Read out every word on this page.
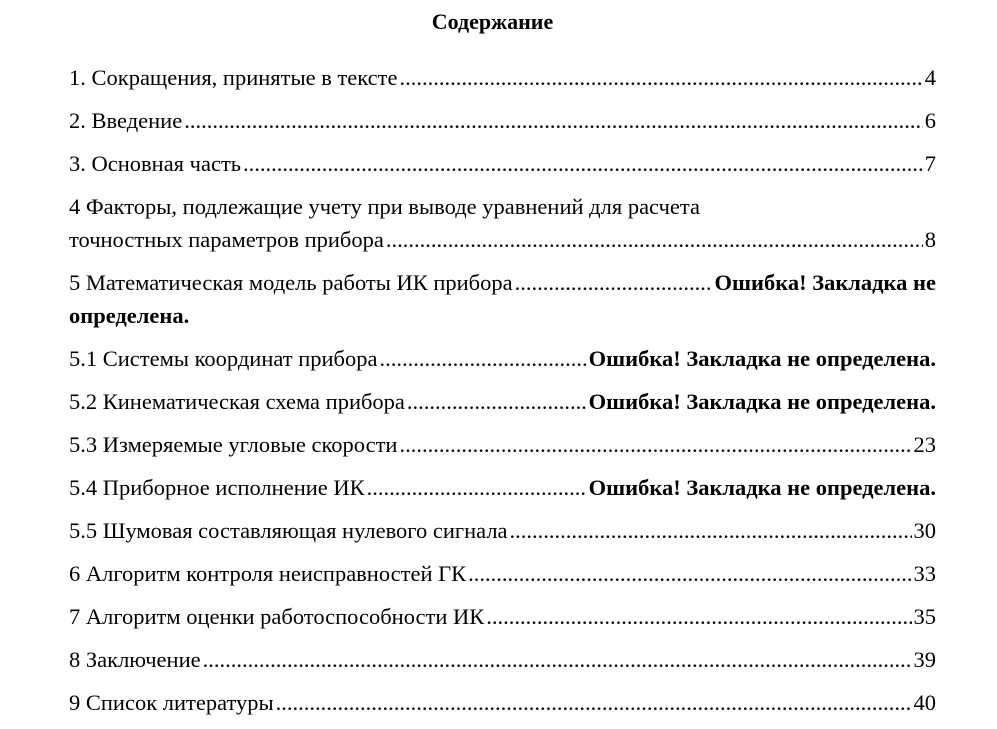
Содержание
1. Сокращения, принятые в тексте .....	4
2. Введение .....	6
3. Основная часть .....	7
4 Факторы, подлежащие учету при выводе уравнений для расчета
точностных параметров прибора .....	8
5 Математическая модель работы ИК прибора .....	Ошибка! Закладка не
определена.
5.1 Системы координат прибора .....	Ошибка! Закладка не определена.
5.2 Кинематическая схема прибора .....	Ошибка! Закладка не определена.
5.3 Измеряемые угловые скорости .....	23
5.4 Приборное исполнение ИК .....	Ошибка! Закладка не определена.
5.5 Шумовая составляющая нулевого сигнала .....	30
6 Алгоритм контроля неисправностей ГК .....	33
7 Алгоритм оценки работоспособности ИК .....	35
8 Заключение .....	39
9 Список литературы .....	40
